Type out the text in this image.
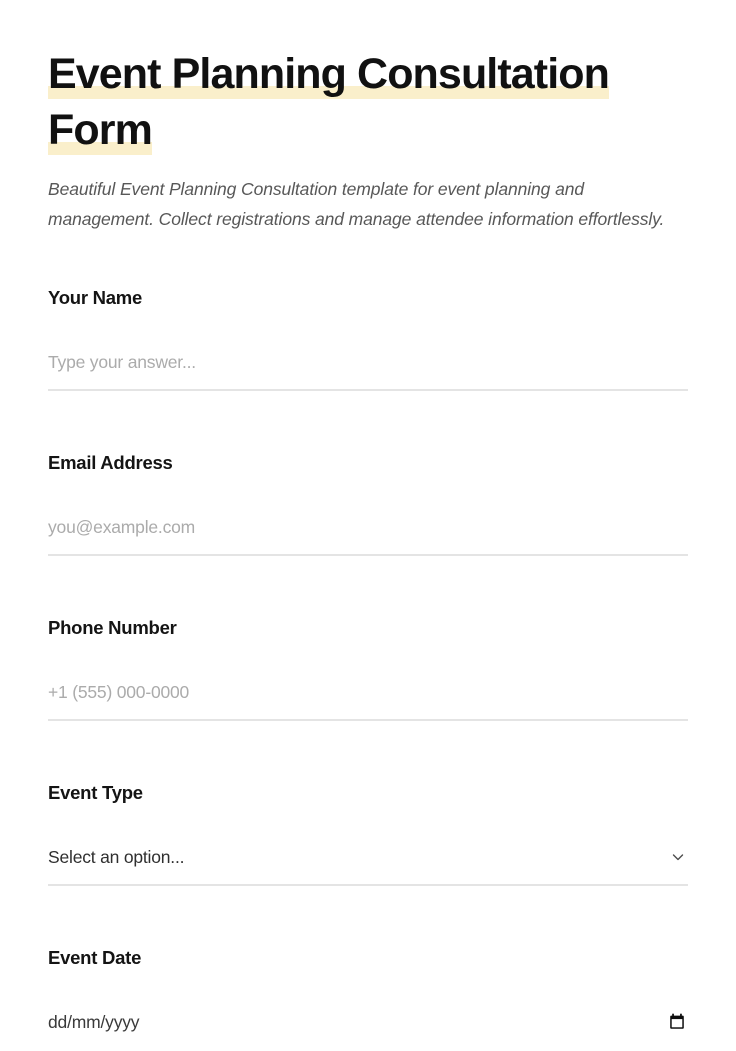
Event Planning Consultation
Form

Beautiful Event Planning Consultation template for event planning and management. Collect registrations and manage attendee information effortlessly.

Your Name
Type your answer...
Email Address
you@example.com
Phone Number
+1 (555) 000-0000
Event Type
Select an option...
Event Date
dd/mm/yyyy
